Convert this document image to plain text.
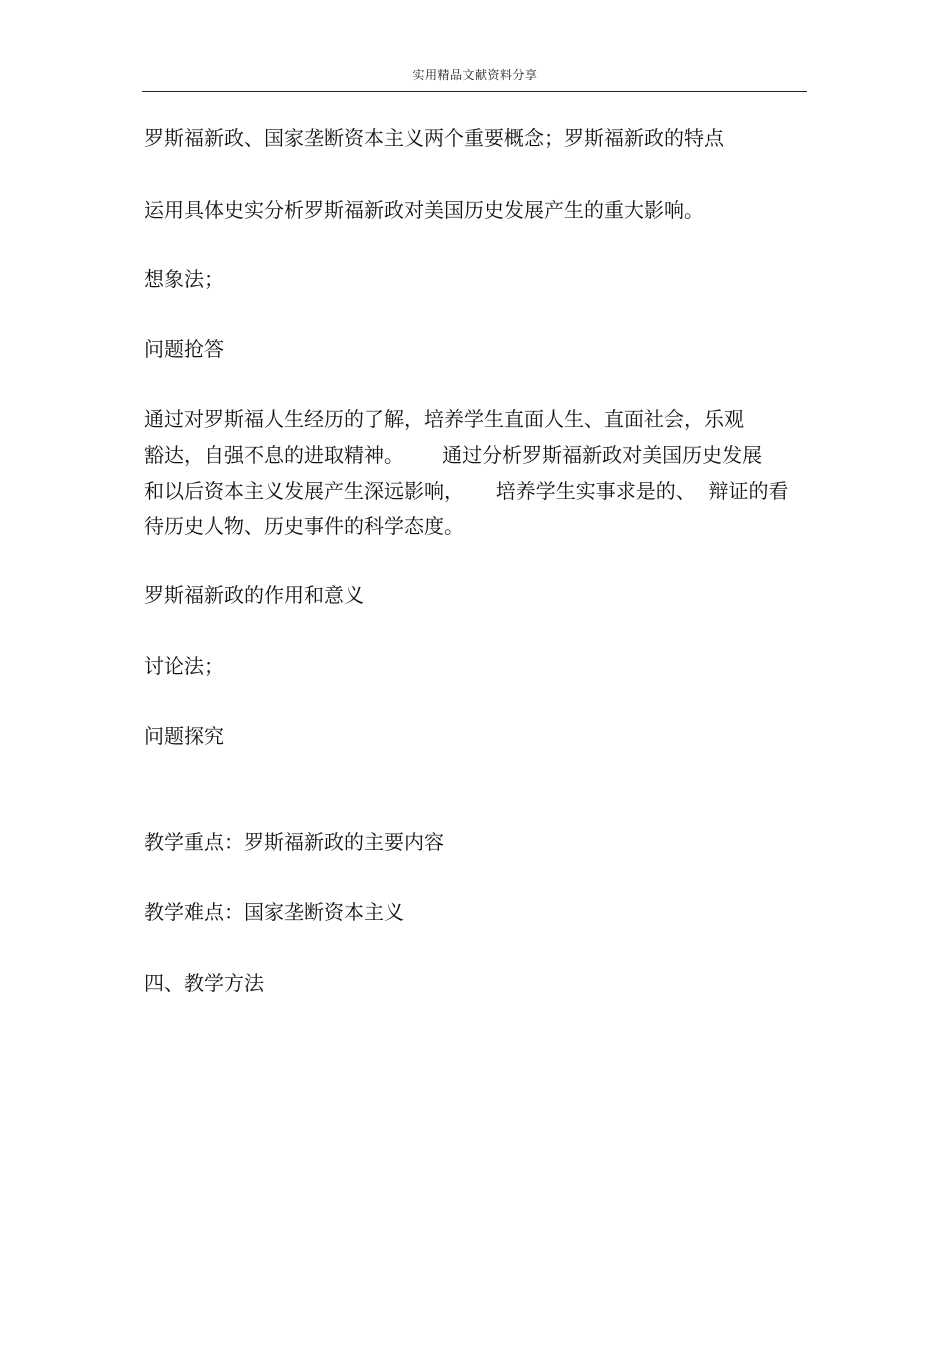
实用精品文献资料分享
罗斯福新政、国家垄断资本主义两个重要概念；罗斯福新政的特点
运用具体史实分析罗斯福新政对美国历史发展产生的重大影响。
想象法；
问题抢答
通过对罗斯福人生经历的了解，培养学生直面人生、直面社会，乐观
豁达，自强不息的进取精神。      通过分析罗斯福新政对美国历史发展
和以后资本主义发展产生深远影响，     培养学生实事求是的、  辩证的看
待历史人物、历史事件的科学态度。
罗斯福新政的作用和意义
讨论法；
问题探究
教学重点：罗斯福新政的主要内容
教学难点：国家垄断资本主义
四、教学方法
